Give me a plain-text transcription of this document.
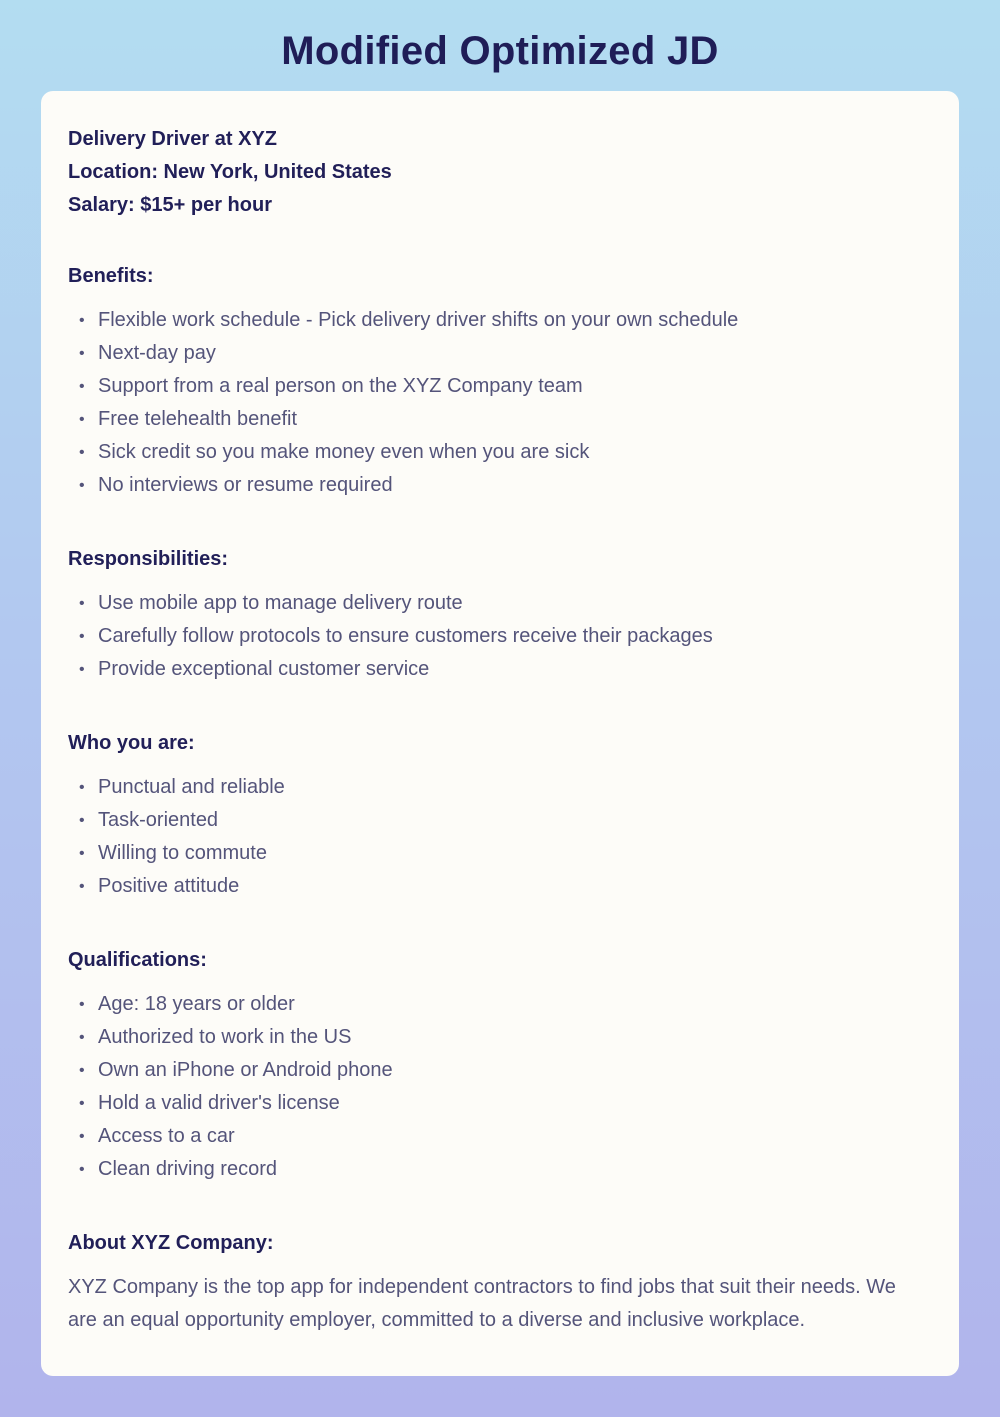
Modified Optimized JD

Delivery Driver at XYZ

Location: New York, United States

Salary: $15+ per hour

Benefits:
• Flexible work schedule - Pick delivery driver shifts on your own schedule
• Next-day pay
• Support from a real person on the XYZ Company team
• Free telehealth benefit
• Sick credit so you make money even when you are sick
• No interviews or resume required
Responsibilities:
• Use mobile app to manage delivery route
• Carefully follow protocols to ensure customers receive their packages
• Provide exceptional customer service
Who you are:
• Punctual and reliable
• Task-oriented
• Willing to commute
• Positive attitude
Qualifications:
• Age: 18 years or older
• Authorized to work in the US
• Own an iPhone or Android phone
• Hold a valid driver's license
• Access to a car
• Clean driving record
About XYZ Company:

XYZ Company is the top app for independent contractors to find jobs that suit their needs. We are an equal opportunity employer, committed to a diverse and inclusive workplace.
